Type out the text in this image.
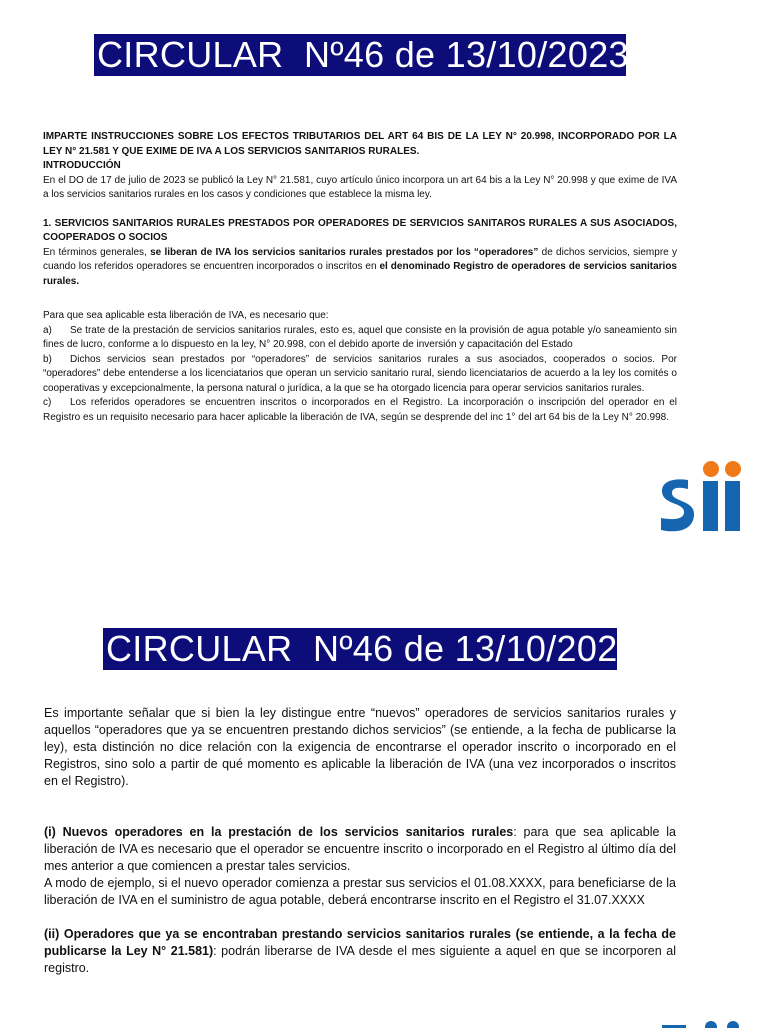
CIRCULAR  Nº46 de 13/10/2023

IMPARTE INSTRUCCIONES SOBRE LOS EFECTOS TRIBUTARIOS DEL ART 64 BIS DE LA LEY N° 20.998, INCORPORADO POR LA LEY N° 21.581 Y QUE EXIME DE IVA A LOS SERVICIOS SANITARIOS RURALES.

INTRODUCCIÓN

En el DO de 17 de julio de 2023 se publicó la Ley N° 21.581, cuyo artículo único incorpora un art 64 bis a la Ley N° 20.998 y que exime de IVA a los servicios sanitarios rurales en los casos y condiciones que establece la misma ley.

1. SERVICIOS SANITARIOS RURALES PRESTADOS POR OPERADORES DE SERVICIOS SANITAROS RURALES A SUS ASOCIADOS, COOPERADOS O SOCIOS

En términos generales, se liberan de IVA los servicios sanitarios rurales prestados por los “operadores” de dichos servicios, siempre y cuando los referidos operadores se encuentren incorporados o inscritos en el denominado Registro de operadores de servicios sanitarios rurales.

Para que sea aplicable esta liberación de IVA, es necesario que:

a) Se trate de la prestación de servicios sanitarios rurales, esto es, aquel que consiste en la provisión de agua potable y/o saneamiento sin fines de lucro, conforme a lo dispuesto en la ley, N° 20.998, con el debido aporte de inversión y capacitación del Estado

b) Dichos servicios sean prestados por “operadores” de servicios sanitarios rurales a sus asociados, cooperados o socios. Por “operadores” debe entenderse a los licenciatarios que operan un servicio sanitario rural, siendo licenciatarios de acuerdo a la ley los comités o cooperativas y excepcionalmente, la persona natural o jurídica, a la que se ha otorgado licencia para operar servicios sanitarios rurales.

c) Los referidos operadores se encuentren inscritos o incorporados en el Registro. La incorporación o inscripción del operador en el Registro es un requisito necesario para hacer aplicable la liberación de IVA, según se desprende del inc 1° del art 64 bis de la Ley N° 20.998.

CIRCULAR  Nº46 de 13/10/2023

Es importante señalar que si bien la ley distingue entre “nuevos” operadores de servicios sanitarios rurales y aquellos “operadores que ya se encuentren prestando dichos servicios” (se entiende, a la fecha de publicarse la ley), esta distinción no dice relación con la exigencia de encontrarse el operador inscrito o incorporado en el Registros, sino solo a partir de qué momento es aplicable la liberación de IVA (una vez incorporados o inscritos en el Registro).

(i) Nuevos operadores en la prestación de los servicios sanitarios rurales: para que sea aplicable la liberación de IVA es necesario que el operador se encuentre inscrito o incorporado en el Registro al último día del mes anterior a que comiencen a prestar tales servicios.

A modo de ejemplo, si el nuevo operador comienza a prestar sus servicios el 01.08.XXXX, para beneficiarse de la liberación de IVA en el suministro de agua potable, deberá encontrarse inscrito en el Registro el 31.07.XXXX

(ii) Operadores que ya se encontraban prestando servicios sanitarios rurales (se entiende, a la fecha de publicarse la Ley N° 21.581): podrán liberarse de IVA desde el mes siguiente a aquel en que se incorporen al registro.
